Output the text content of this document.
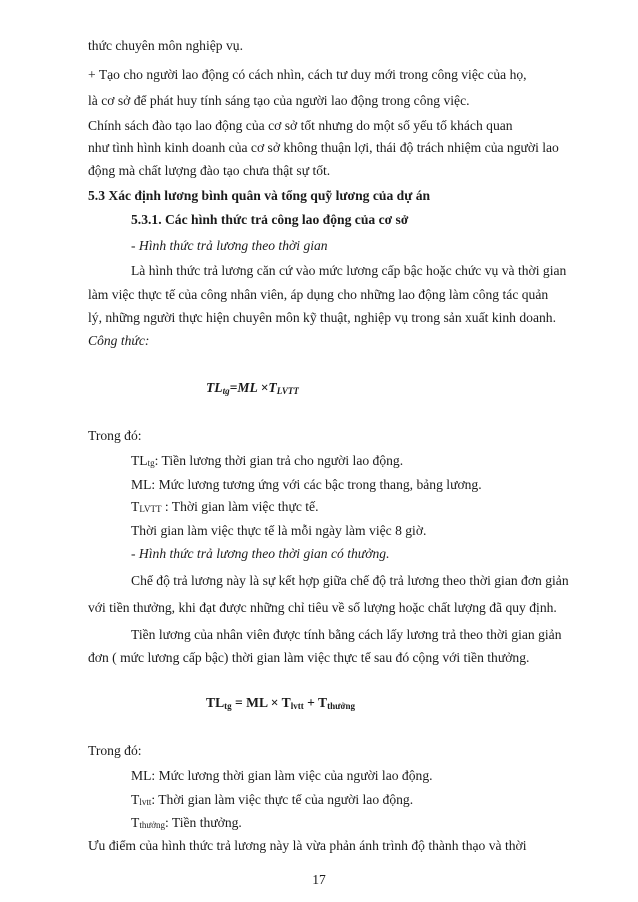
thức chuyên môn nghiệp vụ.
+ Tạo cho người lao động có cách nhìn, cách tư duy mới trong công việc của họ,
là cơ sở để phát huy tính sáng tạo của người lao động trong công việc.
Chính sách đào tạo lao động của cơ sở tốt nhưng do một số yếu tố khách quan
như tình hình kinh doanh của cơ sở không thuận lợi, thái độ trách nhiệm của người lao
động mà chất lượng đào tạo chưa thật sự tốt.
5.3 Xác định lương bình quân và tổng quỹ lương của dự án
5.3.1. Các hình thức trả công lao động của cơ sở
- Hình thức trả lương theo thời gian
Là hình thức trả lương căn cứ vào mức lương cấp bậc hoặc chức vụ và thời gian
làm việc thực tế của công nhân viên, áp dụng cho những lao động làm công tác quản
lý, những người thực hiện chuyên môn kỹ thuật, nghiệp vụ trong sản xuất kinh doanh.
Công thức:
$TL_{tg}=ML \times T_{LVTT}$
Trong đó:
TLtg: Tiền lương thời gian trả cho người lao động.
ML: Mức lương tương ứng với các bậc trong thang, bảng lương.
TLVTT : Thời gian làm việc thực tế.
Thời gian làm việc thực tế là mỗi ngày làm việc 8 giờ.
- Hình thức trả lương theo thời gian có thưởng.
Chế độ trả lương này là sự kết hợp giữa chế độ trả lương theo thời gian đơn giản
với tiền thưởng, khi đạt được những chỉ tiêu về số lượng hoặc chất lượng đã quy định.
Tiền lương của nhân viên được tính bằng cách lấy lương trả theo thời gian giản
đơn ( mức lương cấp bậc) thời gian làm việc thực tế sau đó cộng với tiền thưởng.
$TL_{tg}$ = ML × $T_{lvtt} + T_{thưởng}$
Trong đó:
ML: Mức lương thời gian làm việc của người lao động.
Tlvtt: Thời gian làm việc thực tế của người lao động.
Tthưởng: Tiền thưởng.
Ưu điểm của hình thức trả lương này là vừa phản ánh trình độ thành thạo và thời
17
